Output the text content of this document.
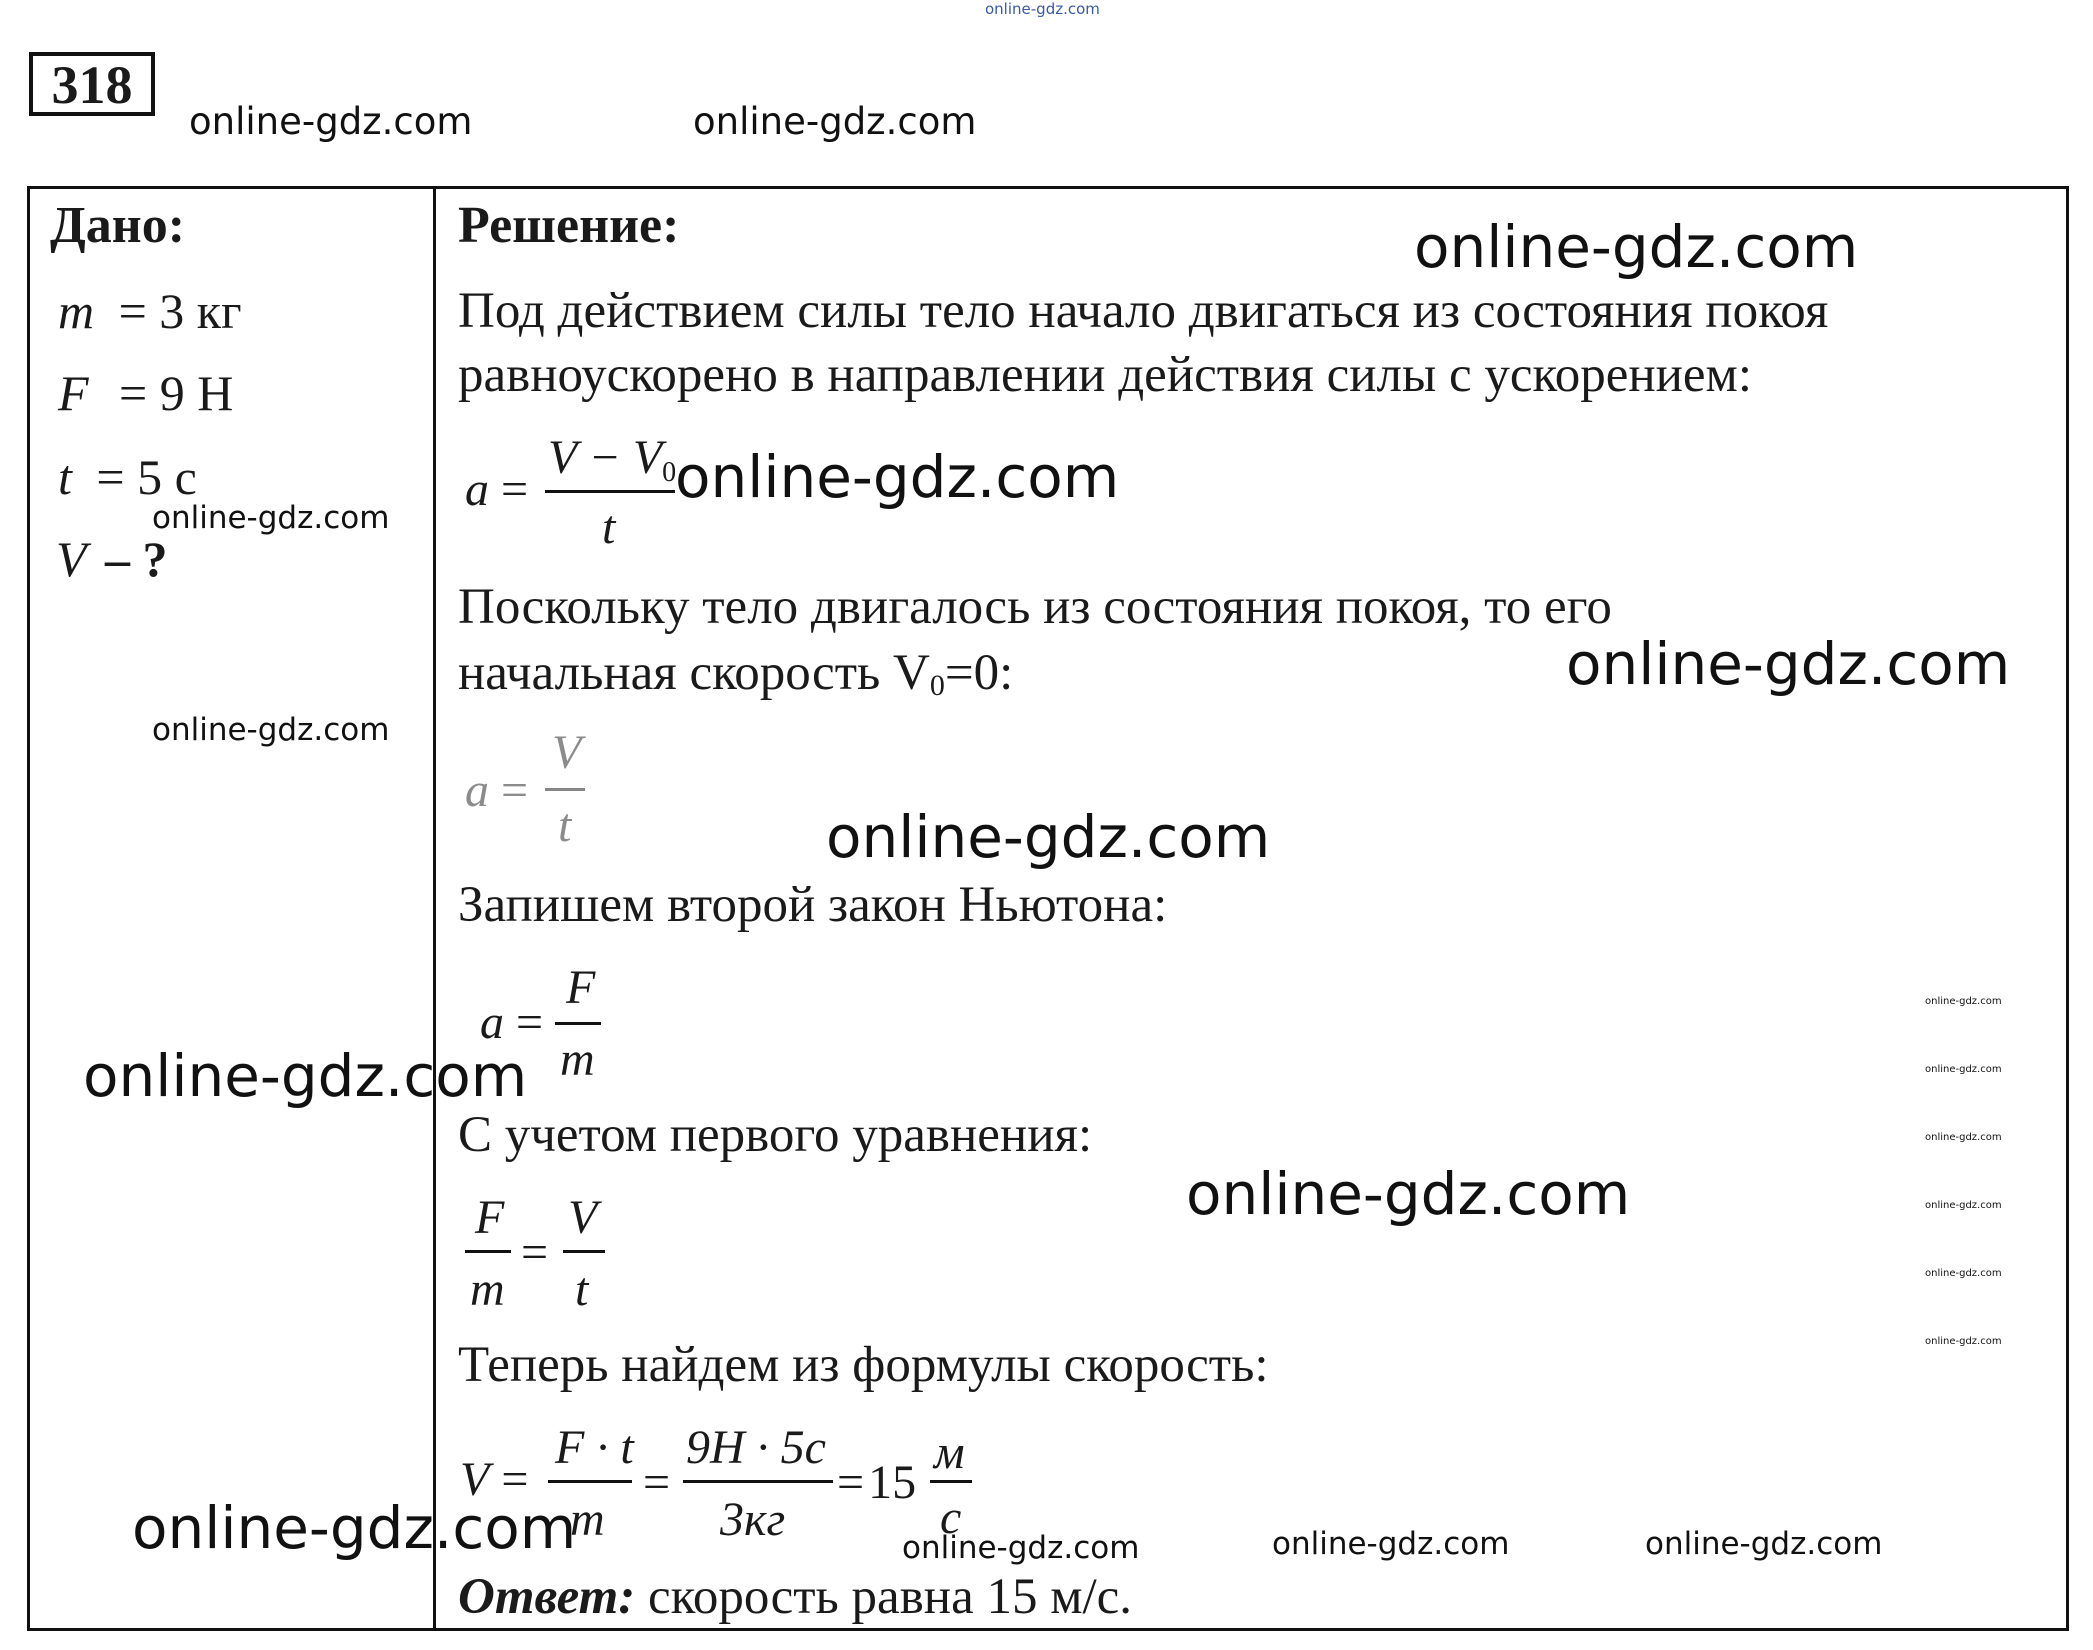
online-gdz.com
318
online-gdz.com	online-gdz.com
Дано:
m = 3 кг
F = 9 Н
t = 5 с
V – ?
online-gdz.com
online-gdz.com
Решение:	online-gdz.com
Под действием силы тело начало двигаться из состояния покоя
равноускорено в направлении действия силы с ускорением:
a =
$V - V_0$
t
online-gdz.com
Поскольку тело двигалось из состояния покоя, то его
начальная скорость V0=0:	online-gdz.com
a =
V
t	online-gdz.com
Запишем второй закон Ньютона:
a =
F
m
online-gdz.com
С учетом первого уравнения:
online-gdz.com
F
m
=
V
t
Теперь найдем из формулы скорость:
V =
F · t
m
=
9Н · 5с
3кг
=15
м
с
online-gdz.com	online-gdz.com	online-gdz.com	online-gdz.com
Ответ: скорость равна 15 м/с.
online-gdz.com
online-gdz.com
online-gdz.com
online-gdz.com
online-gdz.com
online-gdz.com
